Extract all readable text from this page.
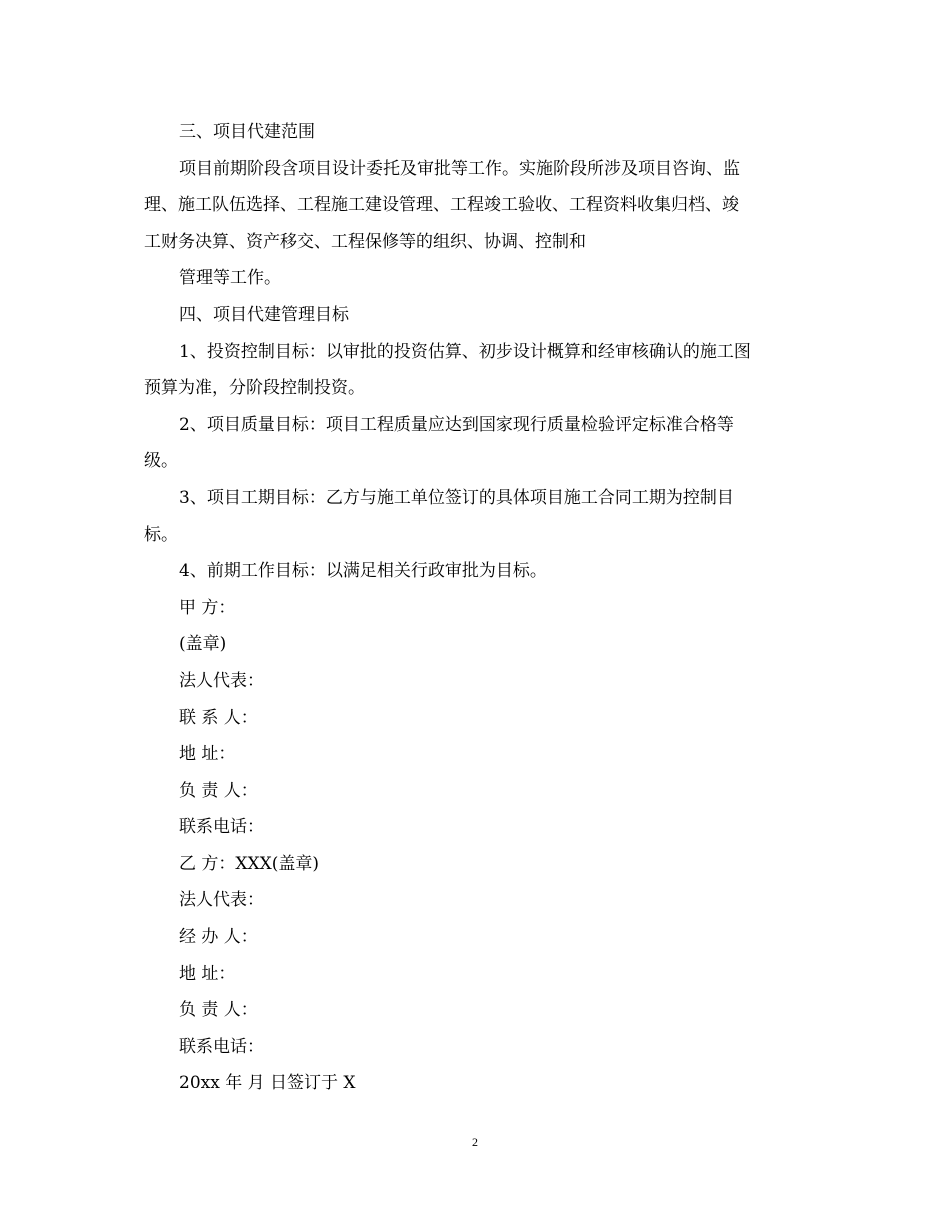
三、项目代建范围
项目前期阶段含项目设计委托及审批等工作。实施阶段所涉及项目咨询、监
理、施工队伍选择、工程施工建设管理、工程竣工验收、工程资料收集归档、竣
工财务决算、资产移交、工程保修等的组织、协调、控制和
管理等工作。
四、项目代建管理目标
1、投资控制目标：以审批的投资估算、初步设计概算和经审核确认的施工图
预算为准，分阶段控制投资。
2、项目质量目标：项目工程质量应达到国家现行质量检验评定标准合格等
级。
3、项目工期目标：乙方与施工单位签订的具体项目施工合同工期为控制目
标。
4、前期工作目标：以满足相关行政审批为目标。
甲 方：
(盖章)
法人代表：
联 系 人：
地 址：
负 责 人：
联系电话：
乙 方：XXX(盖章)
法人代表：
经 办 人：
地 址：
负 责 人：
联系电话：
20xx 年 月 日签订于 X
2
